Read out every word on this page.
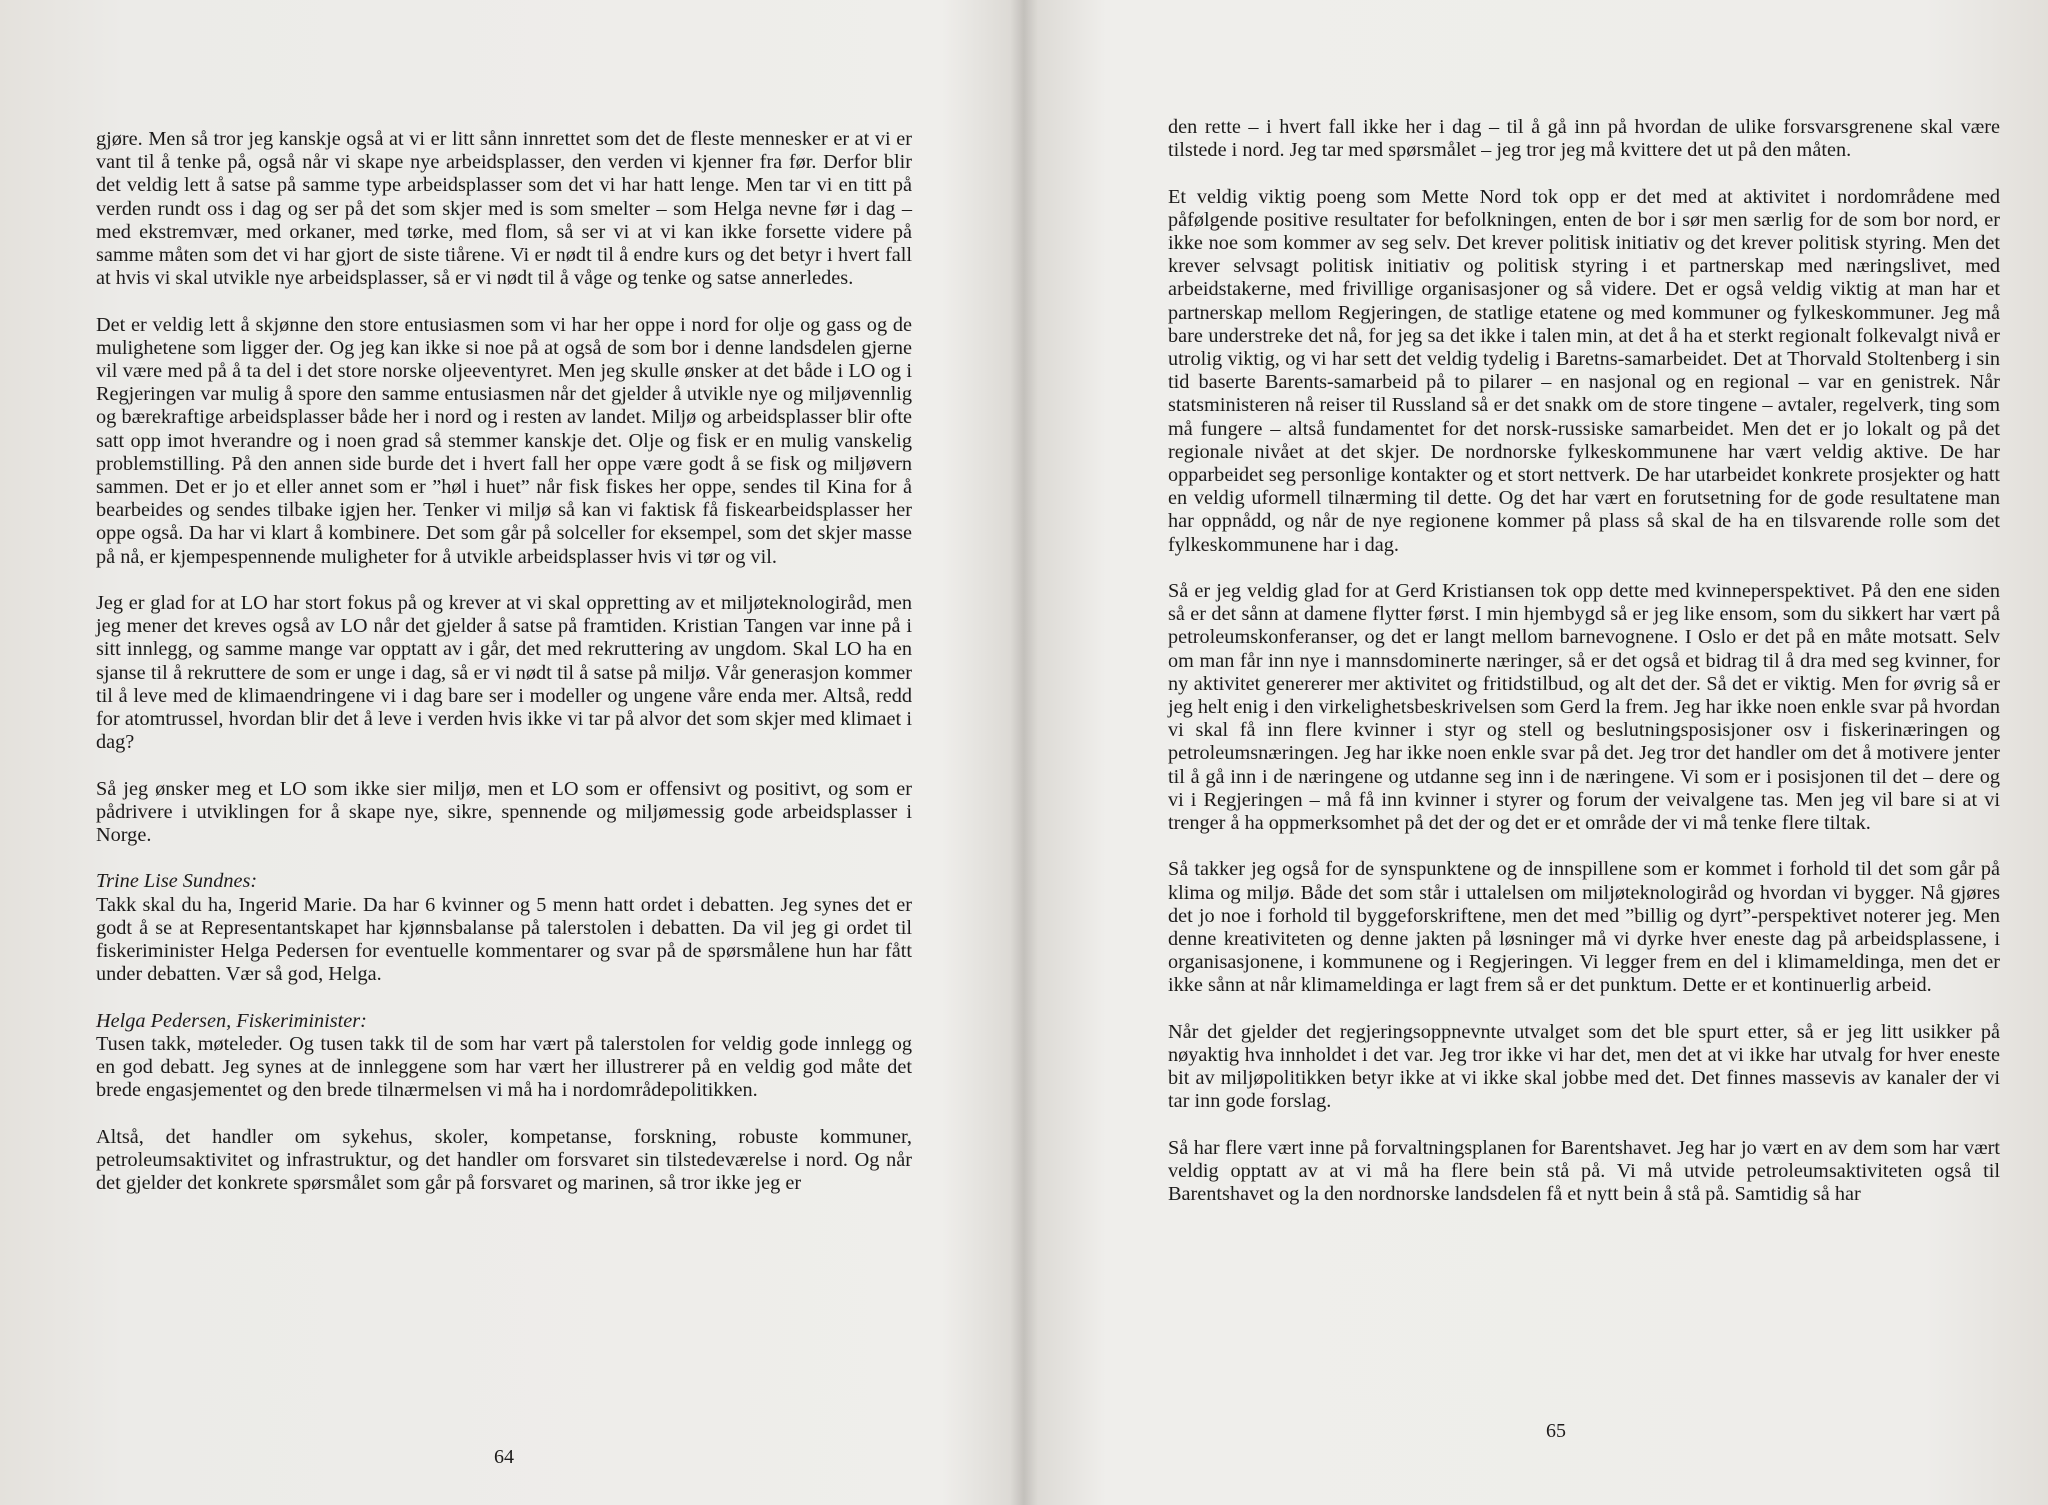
gjøre. Men så tror jeg kanskje også at vi er litt sånn innrettet som det de fleste mennesker er at vi er vant til å tenke på, også når vi skape nye arbeidsplasser, den verden vi kjenner fra før. Derfor blir det veldig lett å satse på samme type arbeidsplasser som det vi har hatt lenge. Men tar vi en titt på verden rundt oss i dag og ser på det som skjer med is som smelter – som Helga nevne før i dag – med ekstremvær, med orkaner, med tørke, med flom, så ser vi at vi kan ikke forsette videre på samme måten som det vi har gjort de siste tiårene. Vi er nødt til å endre kurs og det betyr i hvert fall at hvis vi skal utvikle nye arbeidsplasser, så er vi nødt til å våge og tenke og satse annerledes.

Det er veldig lett å skjønne den store entusiasmen som vi har her oppe i nord for olje og gass og de mulighetene som ligger der. Og jeg kan ikke si noe på at også de som bor i denne landsdelen gjerne vil være med på å ta del i det store norske oljeeventyret. Men jeg skulle ønsker at det både i LO og i Regjeringen var mulig å spore den samme entusiasmen når det gjelder å utvikle nye og miljøvennlig og bærekraftige arbeidsplasser både her i nord og i resten av landet. Miljø og arbeidsplasser blir ofte satt opp imot hverandre og i noen grad så stemmer kanskje det. Olje og fisk er en mulig vanskelig problemstilling. På den annen side burde det i hvert fall her oppe være godt å se fisk og miljøvern sammen. Det er jo et eller annet som er ”høl i huet” når fisk fiskes her oppe, sendes til Kina for å bearbeides og sendes tilbake igjen her. Tenker vi miljø så kan vi faktisk få fiskearbeidsplasser her oppe også. Da har vi klart å kombinere. Det som går på solceller for eksempel, som det skjer masse på nå, er kjempespennende muligheter for å utvikle arbeidsplasser hvis vi tør og vil.

Jeg er glad for at LO har stort fokus på og krever at vi skal oppretting av et miljøteknologiråd, men jeg mener det kreves også av LO når det gjelder å satse på framtiden. Kristian Tangen var inne på i sitt innlegg, og samme mange var opptatt av i går, det med rekruttering av ungdom. Skal LO ha en sjanse til å rekruttere de som er unge i dag, så er vi nødt til å satse på miljø. Vår generasjon kommer til å leve med de klimaendringene vi i dag bare ser i modeller og ungene våre enda mer. Altså, redd for atomtrussel, hvordan blir det å leve i verden hvis ikke vi tar på alvor det som skjer med klimaet i dag?

Så jeg ønsker meg et LO som ikke sier miljø, men et LO som er offensivt og positivt, og som er pådrivere i utviklingen for å skape nye, sikre, spennende og miljømessig gode arbeidsplasser i Norge.

Trine Lise Sundnes:

Takk skal du ha, Ingerid Marie. Da har 6 kvinner og 5 menn hatt ordet i debatten. Jeg synes det er godt å se at Representantskapet har kjønnsbalanse på talerstolen i debatten. Da vil jeg gi ordet til fiskeriminister Helga Pedersen for eventuelle kommentarer og svar på de spørsmålene hun har fått under debatten. Vær så god, Helga.

Helga Pedersen, Fiskeriminister:

Tusen takk, møteleder. Og tusen takk til de som har vært på talerstolen for veldig gode innlegg og en god debatt. Jeg synes at de innleggene som har vært her illustrerer på en veldig god måte det brede engasjementet og den brede tilnærmelsen vi må ha i nordområdepolitikken.

Altså, det handler om sykehus, skoler, kompetanse, forskning, robuste kommuner, petroleumsaktivitet og infrastruktur, og det handler om forsvaret sin tilstedeværelse i nord. Og når det gjelder det konkrete spørsmålet som går på forsvaret og marinen, så tror ikke jeg er

64

den rette – i hvert fall ikke her i dag – til å gå inn på hvordan de ulike forsvarsgrenene skal være tilstede i nord. Jeg tar med spørsmålet – jeg tror jeg må kvittere det ut på den måten.

Et veldig viktig poeng som Mette Nord tok opp er det med at aktivitet i nordområdene med påfølgende positive resultater for befolkningen, enten de bor i sør men særlig for de som bor nord, er ikke noe som kommer av seg selv. Det krever politisk initiativ og det krever politisk styring. Men det krever selvsagt politisk initiativ og politisk styring i et partnerskap med næringslivet, med arbeidstakerne, med frivillige organisasjoner og så videre. Det er også veldig viktig at man har et partnerskap mellom Regjeringen, de statlige etatene og med kommuner og fylkeskommuner. Jeg må bare understreke det nå, for jeg sa det ikke i talen min, at det å ha et sterkt regionalt folkevalgt nivå er utrolig viktig, og vi har sett det veldig tydelig i Baretns-samarbeidet. Det at Thorvald Stoltenberg i sin tid baserte Barents-samarbeid på to pilarer – en nasjonal og en regional – var en genistrek. Når statsministeren nå reiser til Russland så er det snakk om de store tingene – avtaler, regelverk, ting som må fungere – altså fundamentet for det norsk-russiske samarbeidet. Men det er jo lokalt og på det regionale nivået at det skjer. De nordnorske fylkeskommunene har vært veldig aktive. De har opparbeidet seg personlige kontakter og et stort nettverk. De har utarbeidet konkrete prosjekter og hatt en veldig uformell tilnærming til dette. Og det har vært en forutsetning for de gode resultatene man har oppnådd, og når de nye regionene kommer på plass så skal de ha en tilsvarende rolle som det fylkeskommunene har i dag.

Så er jeg veldig glad for at Gerd Kristiansen tok opp dette med kvinneperspektivet. På den ene siden så er det sånn at damene flytter først. I min hjembygd så er jeg like ensom, som du sikkert har vært på petroleumskonferanser, og det er langt mellom barnevognene. I Oslo er det på en måte motsatt. Selv om man får inn nye i mannsdominerte næringer, så er det også et bidrag til å dra med seg kvinner, for ny aktivitet genererer mer aktivitet og fritidstilbud, og alt det der. Så det er viktig. Men for øvrig så er jeg helt enig i den virkelighetsbeskrivelsen som Gerd la frem. Jeg har ikke noen enkle svar på hvordan vi skal få inn flere kvinner i styr og stell og beslutningsposisjoner osv i fiskerinæringen og petroleumsnæringen. Jeg har ikke noen enkle svar på det. Jeg tror det handler om det å motivere jenter til å gå inn i de næringene og utdanne seg inn i de næringene. Vi som er i posisjonen til det – dere og vi i Regjeringen – må få inn kvinner i styrer og forum der veivalgene tas. Men jeg vil bare si at vi trenger å ha oppmerksomhet på det der og det er et område der vi må tenke flere tiltak.

Så takker jeg også for de synspunktene og de innspillene som er kommet i forhold til det som går på klima og miljø. Både det som står i uttalelsen om miljøteknologiråd og hvordan vi bygger. Nå gjøres det jo noe i forhold til byggeforskriftene, men det med ”billig og dyrt”-perspektivet noterer jeg. Men denne kreativiteten og denne jakten på løsninger må vi dyrke hver eneste dag på arbeidsplassene, i organisasjonene, i kommunene og i Regjeringen. Vi legger frem en del i klimameldinga, men det er ikke sånn at når klimameldinga er lagt frem så er det punktum. Dette er et kontinuerlig arbeid.

Når det gjelder det regjeringsoppnevnte utvalget som det ble spurt etter, så er jeg litt usikker på nøyaktig hva innholdet i det var. Jeg tror ikke vi har det, men det at vi ikke har utvalg for hver eneste bit av miljøpolitikken betyr ikke at vi ikke skal jobbe med det. Det finnes massevis av kanaler der vi tar inn gode forslag.

Så har flere vært inne på forvaltningsplanen for Barentshavet. Jeg har jo vært en av dem som har vært veldig opptatt av at vi må ha flere bein stå på. Vi må utvide petroleumsaktiviteten også til Barentshavet og la den nordnorske landsdelen få et nytt bein å stå på. Samtidig så har

65
